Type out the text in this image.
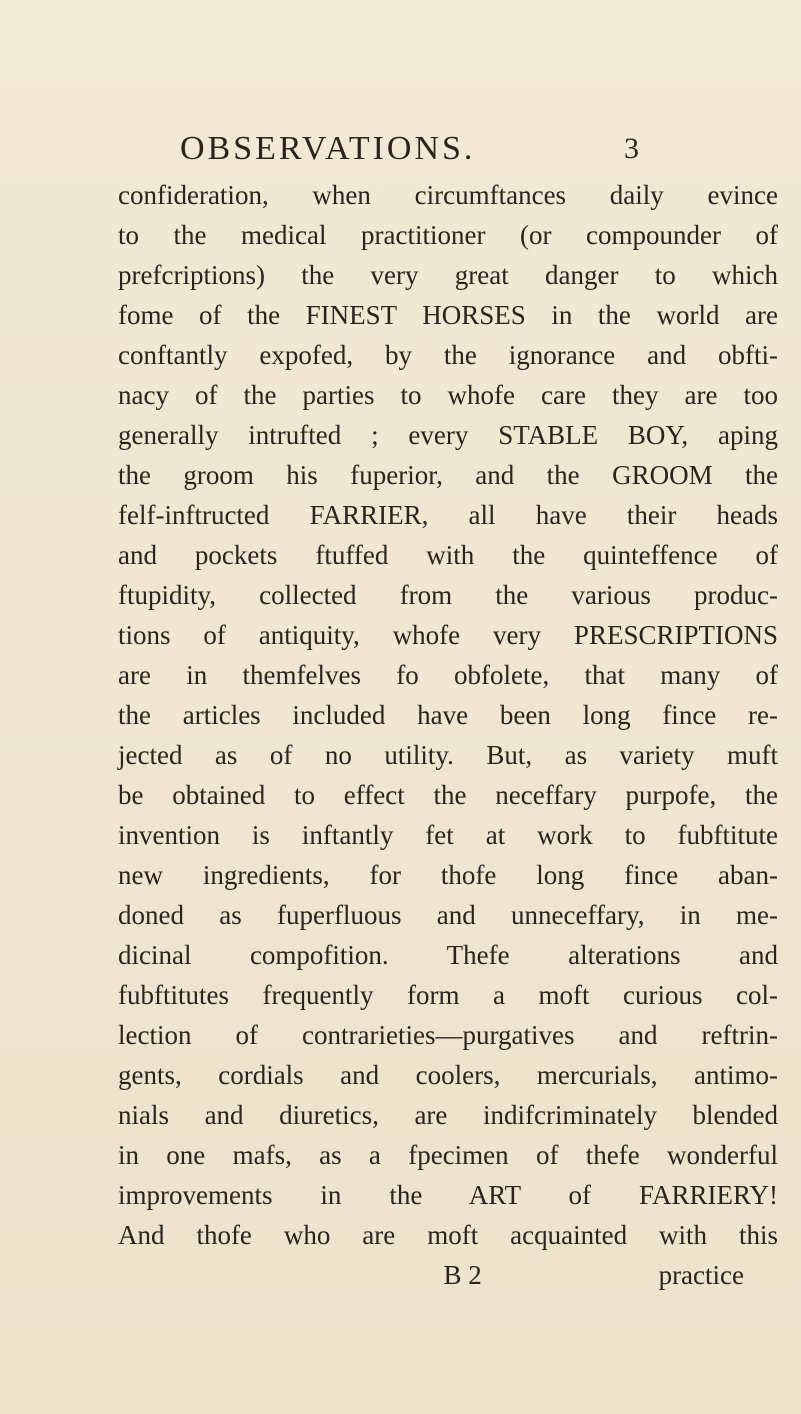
OBSERVATIONS.	3
confideration, when circumftances daily evince
to the medical practitioner (or compounder of
prefcriptions) the very great danger to which
fome of the FINEST HORSES in the world are
conftantly expofed, by the ignorance and obfti-
nacy of the parties to whofe care they are too
generally intrufted ; every STABLE BOY, aping
the groom his fuperior, and the GROOM the
felf-inftructed FARRIER, all have their heads
and pockets ftuffed with the quinteffence of
ftupidity, collected from the various produc-
tions of antiquity, whofe very PRESCRIPTIONS
are in themfelves fo obfolete, that many of
the articles included have been long fince re-
jected as of no utility. But, as variety muft
be obtained to effect the neceffary purpofe, the
invention is inftantly fet at work to fubftitute
new ingredients, for thofe long fince aban-
doned as fuperfluous and unneceffary, in me-
dicinal compofition. Thefe alterations and
fubftitutes frequently form a moft curious col-
lection of contrarieties—purgatives and reftrin-
gents, cordials and coolers, mercurials, antimo-
nials and diuretics, are indifcriminately blended
in one mafs, as a fpecimen of thefe wonderful
improvements in the ART of FARRIERY!
And thofe who are moft acquainted with this
B 2	practice
